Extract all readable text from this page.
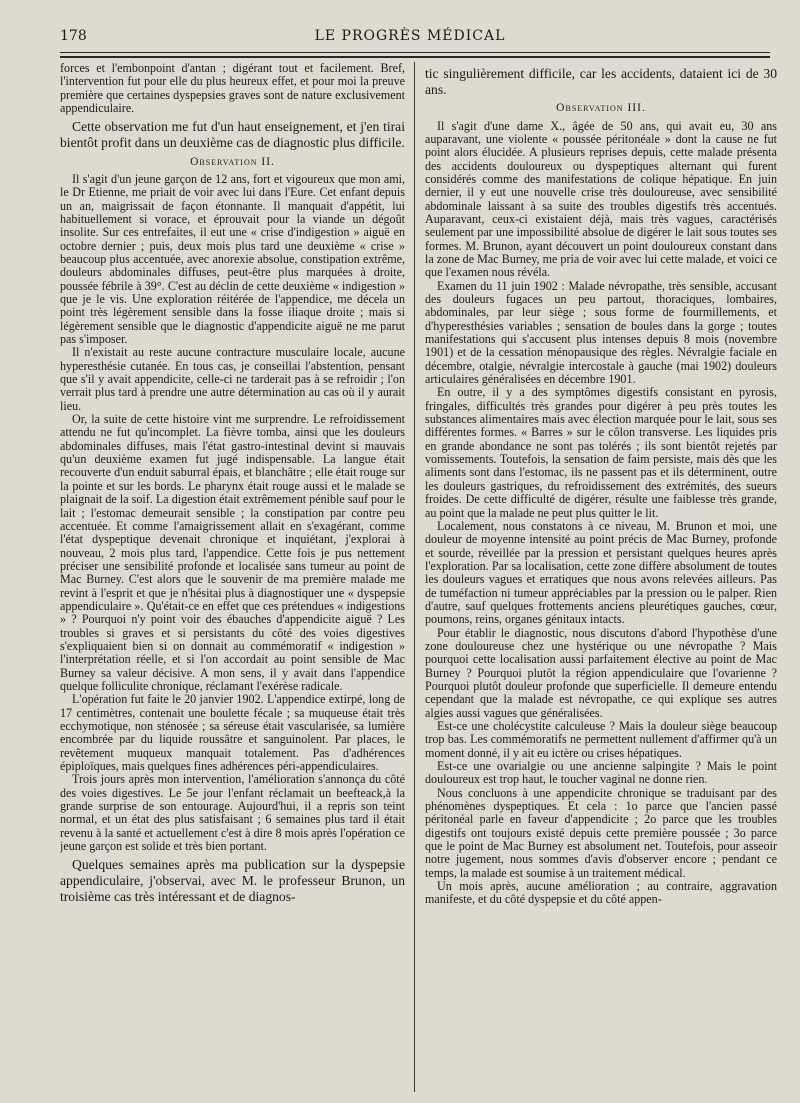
178	LE PROGRÈS MÉDICAL

forces et l'embonpoint d'antan ; digérant tout et facilement. Bref, l'intervention fut pour elle du plus heureux effet, et pour moi la preuve première que certaines dyspepsies graves sont de nature exclusivement appendiculaire.

Cette observation me fut d'un haut enseignement, et j'en tirai bientôt profit dans un deuxième cas de diagnostic plus difficile.

Observation II.

Il s'agit d'un jeune garçon de 12 ans, fort et vigoureux que mon ami, le Dr Etienne, me priait de voir avec lui dans l'Eure. Cet enfant depuis un an, maigrissait de façon étonnante. Il manquait d'appétit, lui habituellement si vorace, et éprouvait pour la viande un dégoût insolite. Sur ces entrefaites, il eut une « crise d'indigestion » aiguë en octobre dernier ; puis, deux mois plus tard une deuxième « crise » beaucoup plus accentuée, avec anorexie absolue, constipation extrême, douleurs abdominales diffuses, peut-être plus marquées à droite, poussée fébrile à 39°. C'est au déclin de cette deuxième « indigestion » que je le vis. Une exploration réitérée de l'appendice, me décela un point très légèrement sensible dans la fosse iliaque droite ; mais si légèrement sensible que le diagnostic d'appendicite aiguë ne me parut pas s'imposer.

Il n'existait au reste aucune contracture musculaire locale, aucune hyperesthésie cutanée. En tous cas, je conseillai l'abstention, pensant que s'il y avait appendicite, celle-ci ne tarderait pas à se refroidir ; l'on verrait plus tard à prendre une autre détermination au cas où il y aurait lieu.

Or, la suite de cette histoire vint me surprendre. Le refroidissement attendu ne fut qu'incomplet. La fièvre tomba, ainsi que les douleurs abdominales diffuses, mais l'état gastro-intestinal devint si mauvais qu'un deuxième examen fut jugé indispensable. La langue était recouverte d'un enduit saburral épais, et blanchâtre ; elle était rouge sur la pointe et sur les bords. Le pharynx était rouge aussi et le malade se plaignait de la soif. La digestion était extrêmement pénible sauf pour le lait ; l'estomac demeurait sensible ; la constipation par contre peu accentuée. Et comme l'amaigrissement allait en s'exagérant, comme l'état dyspeptique devenait chronique et inquiétant, j'explorai à nouveau, 2 mois plus tard, l'appendice. Cette fois je pus nettement préciser une sensibilité profonde et localisée sans tumeur au point de Mac Burney. C'est alors que le souvenir de ma première malade me revint à l'esprit et que je n'hésitai plus à diagnostiquer une « dyspepsie appendiculaire ». Qu'était-ce en effet que ces prétendues « indigestions » ? Pourquoi n'y point voir des ébauches d'appendicite aiguë ? Les troubles si graves et si persistants du côté des voies digestives s'expliquaient bien si on donnait au commémoratif « indigestion » l'interprétation réelle, et si l'on accordait au point sensible de Mac Burney sa valeur décisive. A mon sens, il y avait dans l'appendice quelque folliculite chronique, réclamant l'exérèse radicale.

L'opération fut faite le 20 janvier 1902. L'appendice extirpé, long de 17 centimètres, contenait une boulette fécale ; sa muqueuse était très ecchymotique, non sténosée ; sa séreuse était vascularisée, sa lumière encombrée par du liquide roussâtre et sanguinolent. Par places, le revêtement muqueux manquait totalement. Pas d'adhérences épiploïques, mais quelques fines adhérences péri-appendiculaires.

Trois jours après mon intervention, l'amélioration s'annonça du côté des voies digestives. Le 5e jour l'enfant réclamait un beefteack,à la grande surprise de son entourage. Aujourd'hui, il a repris son teint normal, et un état des plus satisfaisant ; 6 semaines plus tard il était revenu à la santé et actuellement c'est à dire 8 mois après l'opération ce jeune garçon est solide et très bien portant.

Quelques semaines après ma publication sur la dyspepsie appendiculaire, j'observai, avec M. le professeur Brunon, un troisième cas très intéressant et de diagnos-

tic singulièrement difficile, car les accidents, dataient ici de 30 ans.

Observation III.

Il s'agit d'une dame X., âgée de 50 ans, qui avait eu, 30 ans auparavant, une violente « poussée péritonéale » dont la cause ne fut point alors élucidée. A plusieurs reprises depuis, cette malade présenta des accidents douloureux ou dyspeptiques alternant qui furent considérés comme des manifestations de colique hépatique. En juin dernier, il y eut une nouvelle crise très douloureuse, avec sensibilité abdominale laissant à sa suite des troubles digestifs très accentués. Auparavant, ceux-ci existaient déjà, mais très vagues, caractérisés seulement par une impossibilité absolue de digérer le lait sous toutes ses formes. M. Brunon, ayant découvert un point douloureux constant dans la zone de Mac Burney, me pria de voir avec lui cette malade, et voici ce que l'examen nous révéla.

Examen du 11 juin 1902 : Malade névropathe, très sensible, accusant des douleurs fugaces un peu partout, thoraciques, lombaires, abdominales, par leur siège ; sous forme de fourmillements, et d'hyperesthésies variables ; sensation de boules dans la gorge ; toutes manifestations qui s'accusent plus intenses depuis 8 mois (novembre 1901) et de la cessation ménopausique des règles. Névralgie faciale en décembre, otalgie, névralgie intercostale à gauche (mai 1902) douleurs articulaires généralisées en décembre 1901.

En outre, il y a des symptômes digestifs consistant en pyrosis, fringales, difficultés très grandes pour digérer à peu près toutes les substances alimentaires mais avec élection marquée pour le lait, sous ses différentes formes. « Barres » sur le côlon transverse. Les liquides pris en grande abondance ne sont pas tolérés ; ils sont bientôt rejetés par vomissements. Toutefois, la sensation de faim persiste, mais dès que les aliments sont dans l'estomac, ils ne passent pas et ils déterminent, outre les douleurs gastriques, du refroidissement des extrémités, des sueurs froides. De cette difficulté de digérer, résulte une faiblesse très grande, au point que la malade ne peut plus quitter le lit.

Localement, nous constatons à ce niveau, M. Brunon et moi, une douleur de moyenne intensité au point précis de Mac Burney, profonde et sourde, réveillée par la pression et persistant quelques heures après l'exploration. Par sa localisation, cette zone diffère absolument de toutes les douleurs vagues et erratiques que nous avons relevées ailleurs. Pas de tuméfaction ni tumeur appréciables par la pression ou le palper. Rien d'autre, sauf quelques frottements anciens pleurétiques gauches, cœur, poumons, reins, organes génitaux intacts.

Pour établir le diagnostic, nous discutons d'abord l'hypothèse d'une zone douloureuse chez une hystérique ou une névropathe ? Mais pourquoi cette localisation aussi parfaitement élective au point de Mac Burney ? Pourquoi plutôt la région appendiculaire que l'ovarienne ? Pourquoi plutôt douleur profonde que superficielle. Il demeure entendu cependant que la malade est névropathe, ce qui explique ses autres algies aussi vagues que généralisées.

Est-ce une cholécystite calculeuse ? Mais la douleur siège beaucoup trop bas. Les commémoratifs ne permettent nullement d'affirmer qu'à un moment donné, il y ait eu ictère ou crises hépatiques.

Est-ce une ovarialgie ou une ancienne salpingite ? Mais le point douloureux est trop haut, le toucher vaginal ne donne rien.

Nous concluons à une appendicite chronique se traduisant par des phénomènes dyspeptiques. Et cela : 1o parce que l'ancien passé péritonéal parle en faveur d'appendicite ; 2o parce que les troubles digestifs ont toujours existé depuis cette première poussée ; 3o parce que le point de Mac Burney est absolument net. Toutefois, pour asseoir notre jugement, nous sommes d'avis d'observer encore ; pendant ce temps, la malade est soumise à un traitement médical.

Un mois après, aucune amélioration ; au contraire, aggravation manifeste, et du côté dyspepsie et du côté appen-
